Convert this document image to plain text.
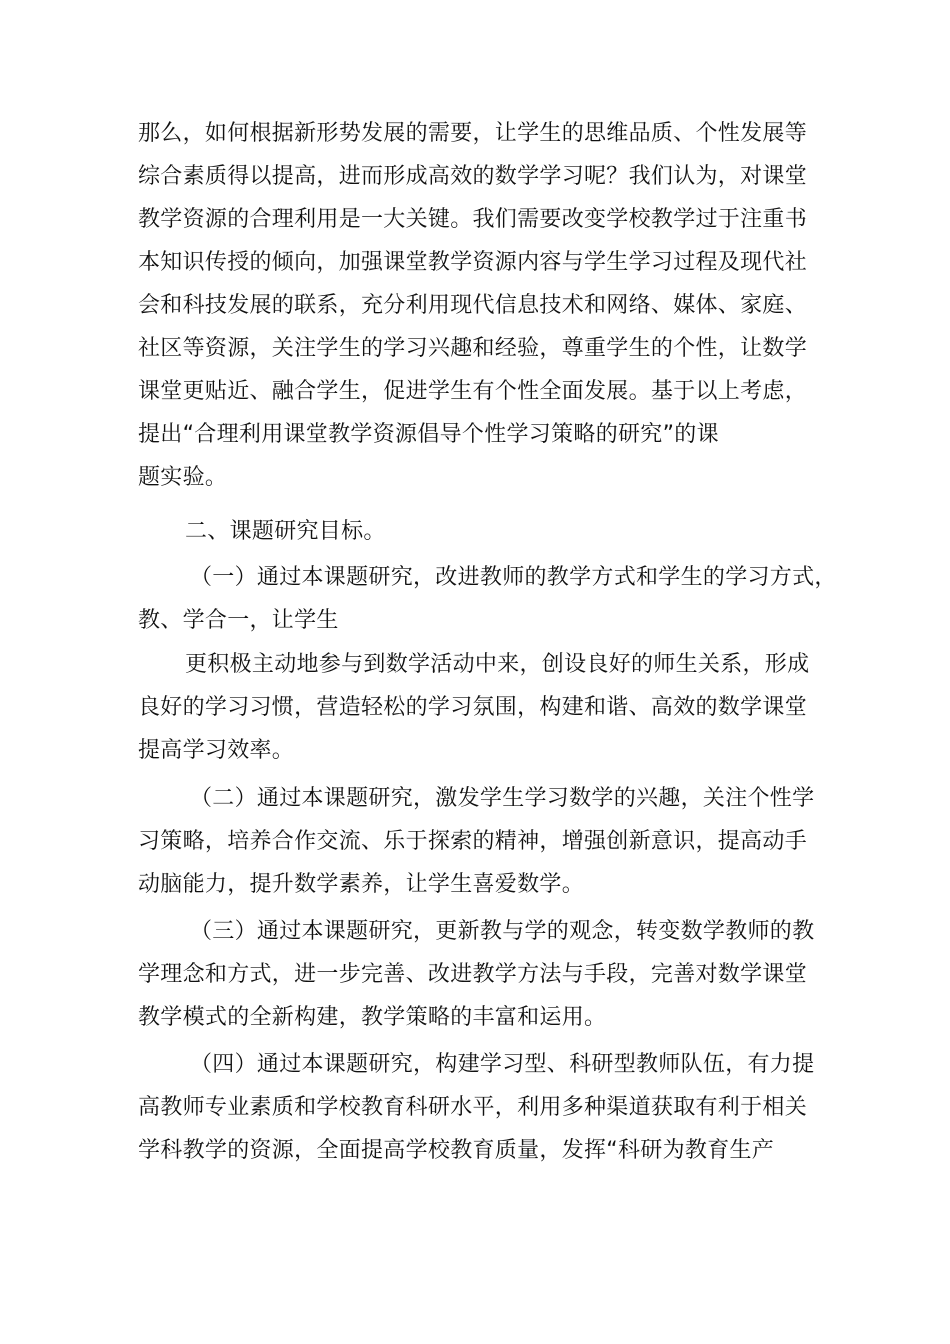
那么，如何根据新形势发展的需要，让学生的思维品质、个性发展等
综合素质得以提高，进而形成高效的数学学习呢？我们认为，对课堂
教学资源的合理利用是一大关键。我们需要改变学校教学过于注重书
本知识传授的倾向，加强课堂教学资源内容与学生学习过程及现代社
会和科技发展的联系，充分利用现代信息技术和网络、媒体、家庭、
社区等资源，关注学生的学习兴趣和经验，尊重学生的个性，让数学
课堂更贴近、融合学生，促进学生有个性全面发展。基于以上考虑，
提出“合理利用课堂教学资源倡导个性学习策略的研究”的课
题实验。
二、课题研究目标。
（一）通过本课题研究，改进教师的教学方式和学生的学习方式，
教、学合一，让学生
更积极主动地参与到数学活动中来，创设良好的师生关系，形成
良好的学习习惯，营造轻松的学习氛围，构建和谐、高效的数学课堂
提高学习效率。
（二）通过本课题研究，激发学生学习数学的兴趣，关注个性学
习策略，培养合作交流、乐于探索的精神，增强创新意识，提高动手
动脑能力，提升数学素养，让学生喜爱数学。
（三）通过本课题研究，更新教与学的观念，转变数学教师的教
学理念和方式，进一步完善、改进教学方法与手段，完善对数学课堂
教学模式的全新构建，教学策略的丰富和运用。
（四）通过本课题研究，构建学习型、科研型教师队伍，有力提
高教师专业素质和学校教育科研水平，利用多种渠道获取有利于相关
学科教学的资源，全面提高学校教育质量，发挥“科研为教育生产
